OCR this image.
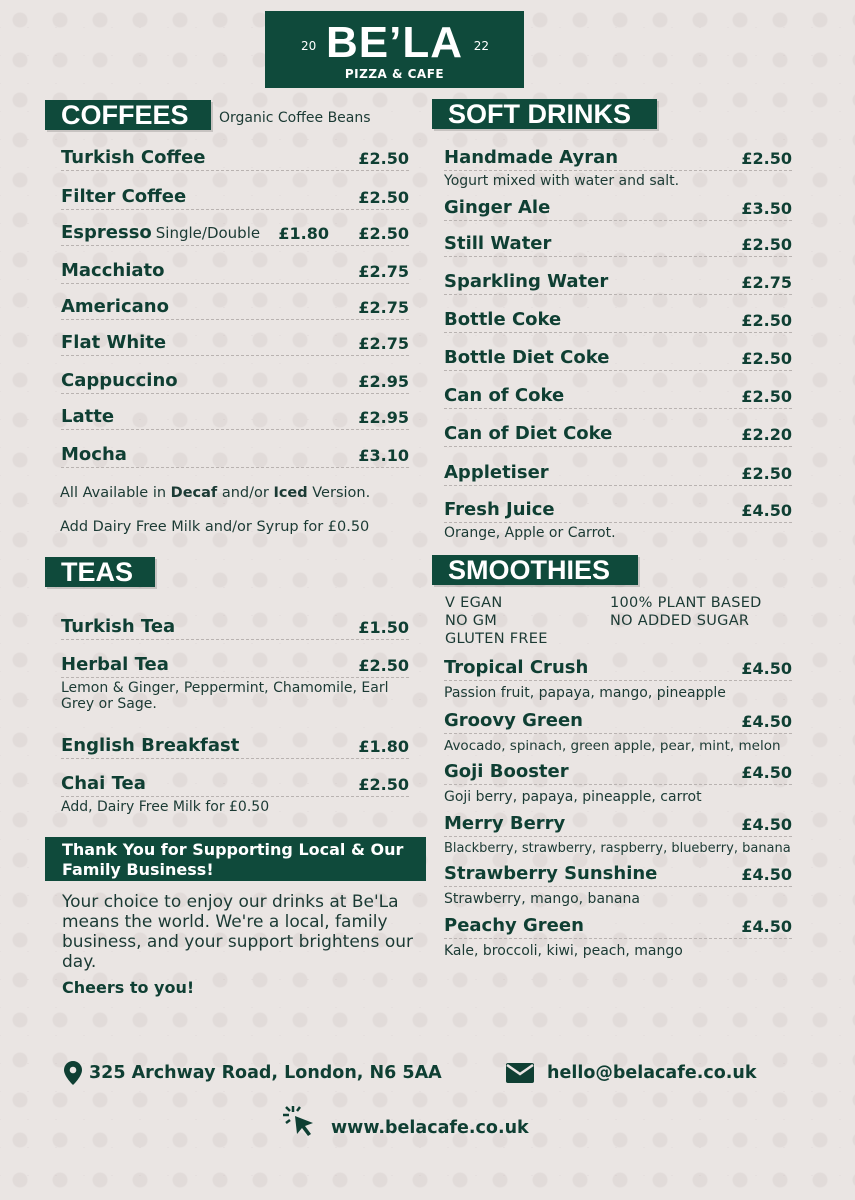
20 BE’LA 22
PIZZA & CAFE
COFFEES	Organic Coffee Beans
Turkish Coffee	£2.50
Filter Coffee	£2.50
Espresso Single/Double £1.80 £2.50
Macchiato	£2.75
Americano	£2.75
Flat White	£2.75
Cappuccino	£2.95
Latte	£2.95
Mocha	£3.10
All Available in Decaf and/or Iced Version.
Add Dairy Free Milk and/or Syrup for £0.50
TEAS
Turkish Tea	£1.50
Herbal Tea	£2.50
Lemon & Ginger, Peppermint, Chamomile, Earl Grey or Sage.
English Breakfast	£1.80
Chai Tea	£2.50
Add, Dairy Free Milk for £0.50
Thank You for Supporting Local & Our Family Business!
Your choice to enjoy our drinks at Be'La means the world. We're a local, family business, and your support brightens our day.
Cheers to you!
SOFT DRINKS
Handmade Ayran	£2.50
Yogurt mixed with water and salt.
Ginger Ale	£3.50
Still Water	£2.50
Sparkling Water	£2.75
Bottle Coke	£2.50
Bottle Diet Coke	£2.50
Can of Coke	£2.50
Can of Diet Coke	£2.20
Appletiser	£2.50
Fresh Juice	£4.50
Orange, Apple or Carrot.
SMOOTHIES
V EGAN
NO GM
GLUTEN FREE
100% PLANT BASED
NO ADDED SUGAR
Tropical Crush	£4.50
Passion fruit, papaya, mango, pineapple
Groovy Green	£4.50
Avocado, spinach, green apple, pear, mint, melon
Goji Booster	£4.50
Goji berry, papaya, pineapple, carrot
Merry Berry	£4.50
Blackberry, strawberry, raspberry, blueberry, banana
Strawberry Sunshine	£4.50
Strawberry, mango, banana
Peachy Green	£4.50
Kale, broccoli, kiwi, peach, mango
325 Archway Road, London, N6 5AA	hello@belacafe.co.uk
www.belacafe.co.uk
